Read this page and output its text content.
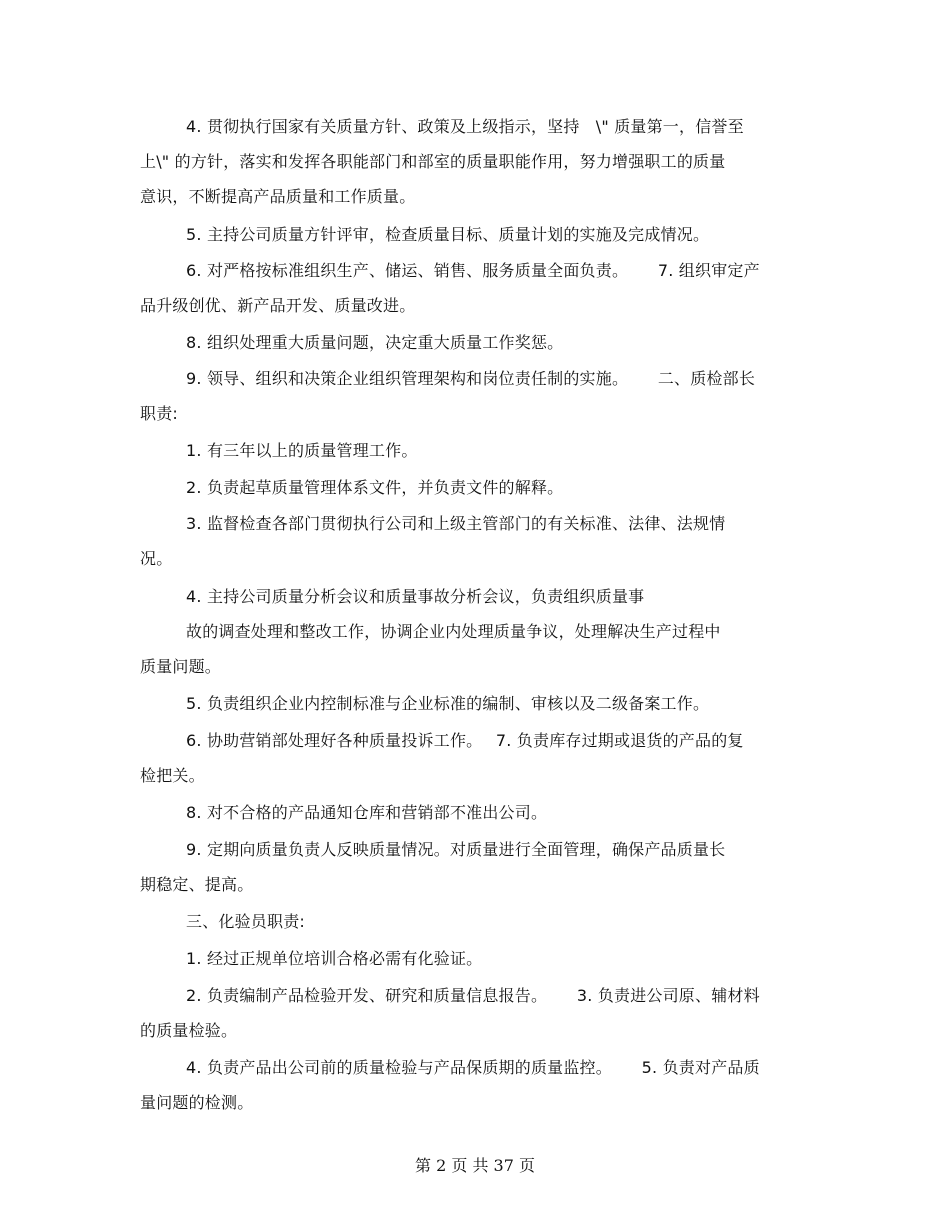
4. 贯彻执行国家有关质量方针、政策及上级指示，坚持　\" 质量第一，信誉至
上\" 的方针，落实和发挥各职能部门和部室的质量职能作用，努力增强职工的质量
意识，不断提高产品质量和工作质量。
5. 主持公司质量方针评审，检查质量目标、质量计划的实施及完成情况。
6. 对严格按标准组织生产、储运、销售、服务质量全面负责。　　 7. 组织审定产
品升级创优、新产品开发、质量改进。
8. 组织处理重大质量问题，决定重大质量工作奖惩。
9. 领导、组织和决策企业组织管理架构和岗位责任制的实施。　　 二、质检部长
职责:
1. 有三年以上的质量管理工作。
2. 负责起草质量管理体系文件，并负责文件的解释。
3. 监督检查各部门贯彻执行公司和上级主管部门的有关标准、法律、法规情
况。
4. 主持公司质量分析会议和质量事故分析会议，负责组织质量事
故的调查处理和整改工作，协调企业内处理质量争议，处理解决生产过程中
质量问题。
5. 负责组织企业内控制标准与企业标准的编制、审核以及二级备案工作。
6. 协助营销部处理好各种质量投诉工作。　 7. 负责库存过期或退货的产品的复
检把关。
8. 对不合格的产品通知仓库和营销部不准出公司。
9. 定期向质量负责人反映质量情况。对质量进行全面管理，确保产品质量长
期稳定、提高。
三、化验员职责:
1. 经过正规单位培训合格必需有化验证。
2. 负责编制产品检验开发、研究和质量信息报告。　　 3. 负责进公司原、辅材料
的质量检验。
4. 负责产品出公司前的质量检验与产品保质期的质量监控。　　 5. 负责对产品质
量问题的检测。
第 2 页 共 37 页
